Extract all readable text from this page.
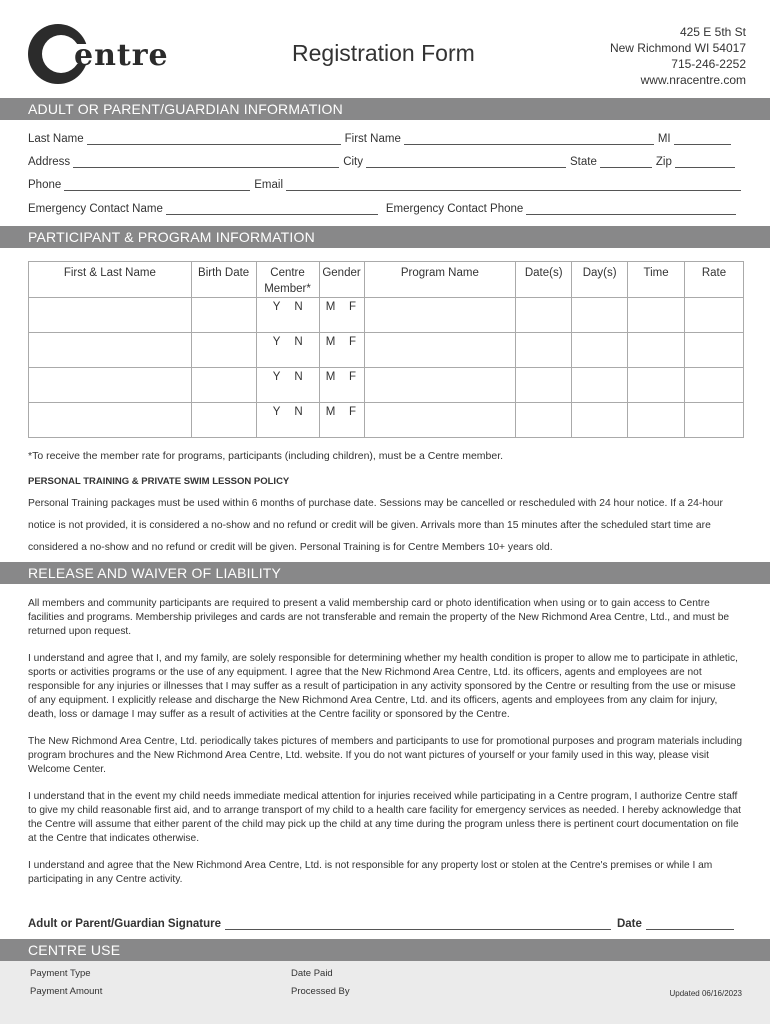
entre	Registration Form
425 E 5th St
New Richmond WI 54017
715-246-2252
www.nracentre.com
ADULT OR PARENT/GUARDIAN INFORMATION
Last Name	First Name	MI
Address	City	State	Zip
Phone	Email
Emergency Contact Name	Emergency Contact Phone
PARTICIPANT & PROGRAM INFORMATION
First & Last Name	Birth Date	Centre Member*	Gender	Program Name	Date(s)	Day(s)	Time	Rate
		Y N	M F					
		Y N	M F					
		Y N	M F					
		Y N	M F					
*To receive the member rate for programs, participants (including children), must be a Centre member.
PERSONAL TRAINING & PRIVATE SWIM LESSON POLICY
Personal Training packages must be used within 6 months of purchase date. Sessions may be cancelled or rescheduled with 24 hour notice. If a 24-hour notice is not provided, it is considered a no-show and no refund or credit will be given. Arrivals more than 15 minutes after the scheduled start time are considered a no-show and no refund or credit will be given. Personal Training is for Centre Members 10+ years old.
RELEASE AND WAIVER OF LIABILITY

All members and community participants are required to present a valid membership card or photo identification when using or to gain access to Centre facilities and programs. Membership privileges and cards are not transferable and remain the property of the New Richmond Area Centre, Ltd., and must be returned upon request.

I understand and agree that I, and my family, are solely responsible for determining whether my health condition is proper to allow me to participate in athletic, sports or activities programs or the use of any equipment. I agree that the New Richmond Area Centre, Ltd. its officers, agents and employees are not responsible for any injuries or illnesses that I may suffer as a result of participation in any activity sponsored by the Centre or resulting from the use or misuse of any equipment. I explicitly release and discharge the New Richmond Area Centre, Ltd. and its officers, agents and employees from any claim for injury, death, loss or damage I may suffer as a result of activities at the Centre facility or sponsored by the Centre.

The New Richmond Area Centre, Ltd. periodically takes pictures of members and participants to use for promotional purposes and program materials including program brochures and the New Richmond Area Centre, Ltd. website. If you do not want pictures of yourself or your family used in this way, please visit Welcome Center.

I understand that in the event my child needs immediate medical attention for injuries received while participating in a Centre program, I authorize Centre staff to give my child reasonable first aid, and to arrange transport of my child to a health care facility for emergency services as needed. I hereby acknowledge that the Centre will assume that either parent of the child may pick up the child at any time during the program unless there is pertinent court documentation on file at the Centre that indicates otherwise.

I understand and agree that the New Richmond Area Centre, Ltd. is not responsible for any property lost or stolen at the Centre's premises or while I am participating in any Centre activity.

Adult or Parent/Guardian Signature	Date
CENTRE USE
Payment Type	Date Paid
Payment Amount	Processed By	Updated 06/16/2023
